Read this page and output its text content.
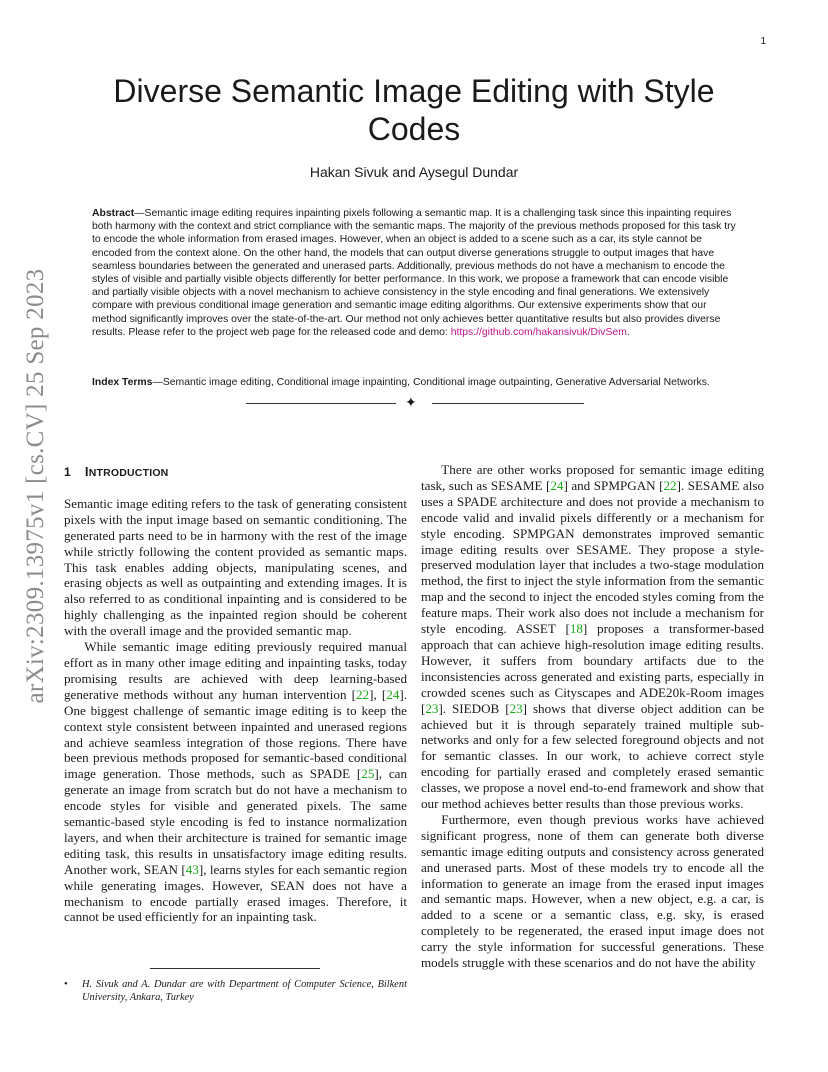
1
arXiv:2309.13975v1 [cs.CV] 25 Sep 2023
Diverse Semantic Image Editing with Style Codes
Hakan Sivuk and Aysegul Dundar

Abstract—Semantic image editing requires inpainting pixels following a semantic map. It is a challenging task since this inpainting requires both harmony with the context and strict compliance with the semantic maps. The majority of the previous methods proposed for this task try to encode the whole information from erased images. However, when an object is added to a scene such as a car, its style cannot be encoded from the context alone. On the other hand, the models that can output diverse generations struggle to output images that have seamless boundaries between the generated and unerased parts. Additionally, previous methods do not have a mechanism to encode the styles of visible and partially visible objects differently for better performance. In this work, we propose a framework that can encode visible and partially visible objects with a novel mechanism to achieve consistency in the style encoding and final generations. We extensively compare with previous conditional image generation and semantic image editing algorithms. Our extensive experiments show that our method significantly improves over the state-of-the-art. Our method not only achieves better quantitative results but also provides diverse results. Please refer to the project web page for the released code and demo: https://github.com/hakansivuk/DivSem.

Index Terms—Semantic image editing, Conditional image inpainting, Conditional image outpainting, Generative Adversarial Networks.

✦
1 INTRODUCTION

Semantic image editing refers to the task of generating consistent pixels with the input image based on semantic conditioning. The generated parts need to be in harmony with the rest of the image while strictly following the content provided as semantic maps. This task enables adding objects, manipulating scenes, and erasing objects as well as outpainting and extending images. It is also referred to as conditional inpainting and is considered to be highly challenging as the inpainted region should be coherent with the overall image and the provided semantic map.

While semantic image editing previously required manual effort as in many other image editing and inpainting tasks, today promising results are achieved with deep learning-based generative methods without any human intervention [22], [24]. One biggest challenge of semantic image editing is to keep the context style consistent between inpainted and unerased regions and achieve seamless integration of those regions. There have been previous methods proposed for semantic-based conditional image generation. Those methods, such as SPADE [25], can generate an image from scratch but do not have a mechanism to encode styles for visible and generated pixels. The same semantic-based style encoding is fed to instance normalization layers, and when their architecture is trained for semantic image editing task, this results in unsatisfactory image editing results. Another work, SEAN [43], learns styles for each semantic region while generating images. However, SEAN does not have a mechanism to encode partially erased images. Therefore, it cannot be used efficiently for an inpainting task.

There are other works proposed for semantic image editing task, such as SESAME [24] and SPMPGAN [22]. SESAME also uses a SPADE architecture and does not provide a mechanism to encode valid and invalid pixels differently or a mechanism for style encoding. SPMPGAN demonstrates improved semantic image editing results over SESAME. They propose a style-preserved modulation layer that includes a two-stage modulation method, the first to inject the style information from the semantic map and the second to inject the encoded styles coming from the feature maps. Their work also does not include a mechanism for style encoding. ASSET [18] proposes a transformer-based approach that can achieve high-resolution image editing results. However, it suffers from boundary artifacts due to the inconsistencies across generated and existing parts, especially in crowded scenes such as Cityscapes and ADE20k-Room images [23]. SIEDOB [23] shows that diverse object addition can be achieved but it is through separately trained multiple sub-networks and only for a few selected foreground objects and not for semantic classes. In our work, to achieve correct style encoding for partially erased and completely erased semantic classes, we propose a novel end-to-end framework and show that our method achieves better results than those previous works.

Furthermore, even though previous works have achieved significant progress, none of them can generate both diverse semantic image editing outputs and consistency across generated and unerased parts. Most of these models try to encode all the information to generate an image from the erased input images and semantic maps. However, when a new object, e.g. a car, is added to a scene or a semantic class, e.g. sky, is erased completely to be regenerated, the erased input image does not carry the style information for successful generations. These models struggle with these scenarios and do not have the ability

•	H. Sivuk and A. Dundar are with Department of Computer Science, Bilkent University, Ankara, Turkey
